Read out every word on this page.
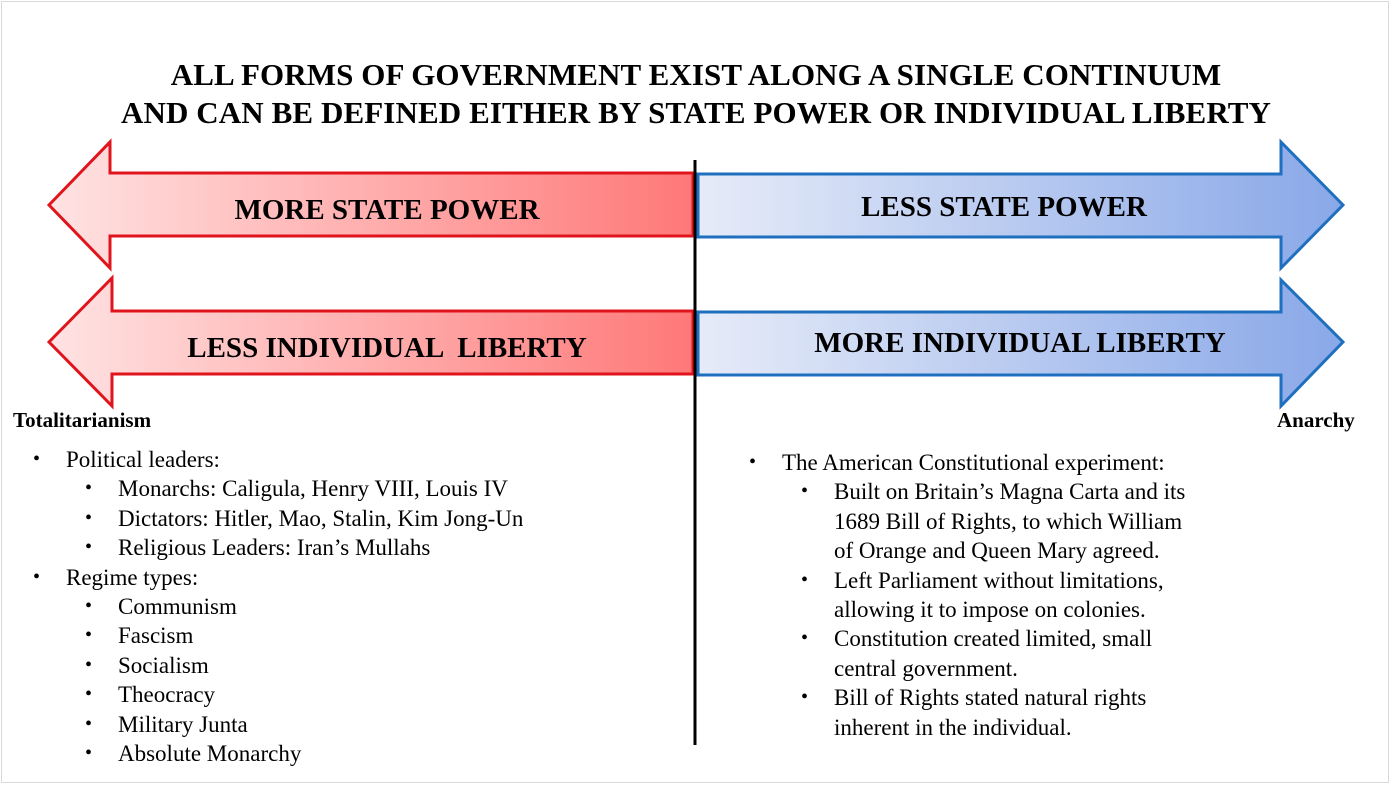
ALL FORMS OF GOVERNMENT EXIST ALONG A SINGLE CONTINUUM
AND CAN BE DEFINED EITHER BY STATE POWER OR INDIVIDUAL LIBERTY
MORE STATE POWER	LESS STATE POWER
LESS INDIVIDUAL  LIBERTY	MORE INDIVIDUAL LIBERTY
Totalitarianism	Anarchy
• Political leaders:
• Monarchs: Caligula, Henry VIII, Louis IV
• Dictators: Hitler, Mao, Stalin, Kim Jong-Un
• Religious Leaders: Iran’s Mullahs
• Regime types:
• Communism
• Fascism
• Socialism
• Theocracy
• Military Junta
• Absolute Monarchy
• The American Constitutional experiment:
• Built on Britain’s Magna Carta and its
1689 Bill of Rights, to which William
of Orange and Queen Mary agreed.
• Left Parliament without limitations,
allowing it to impose on colonies.
• Constitution created limited, small
central government.
• Bill of Rights stated natural rights
inherent in the individual.
